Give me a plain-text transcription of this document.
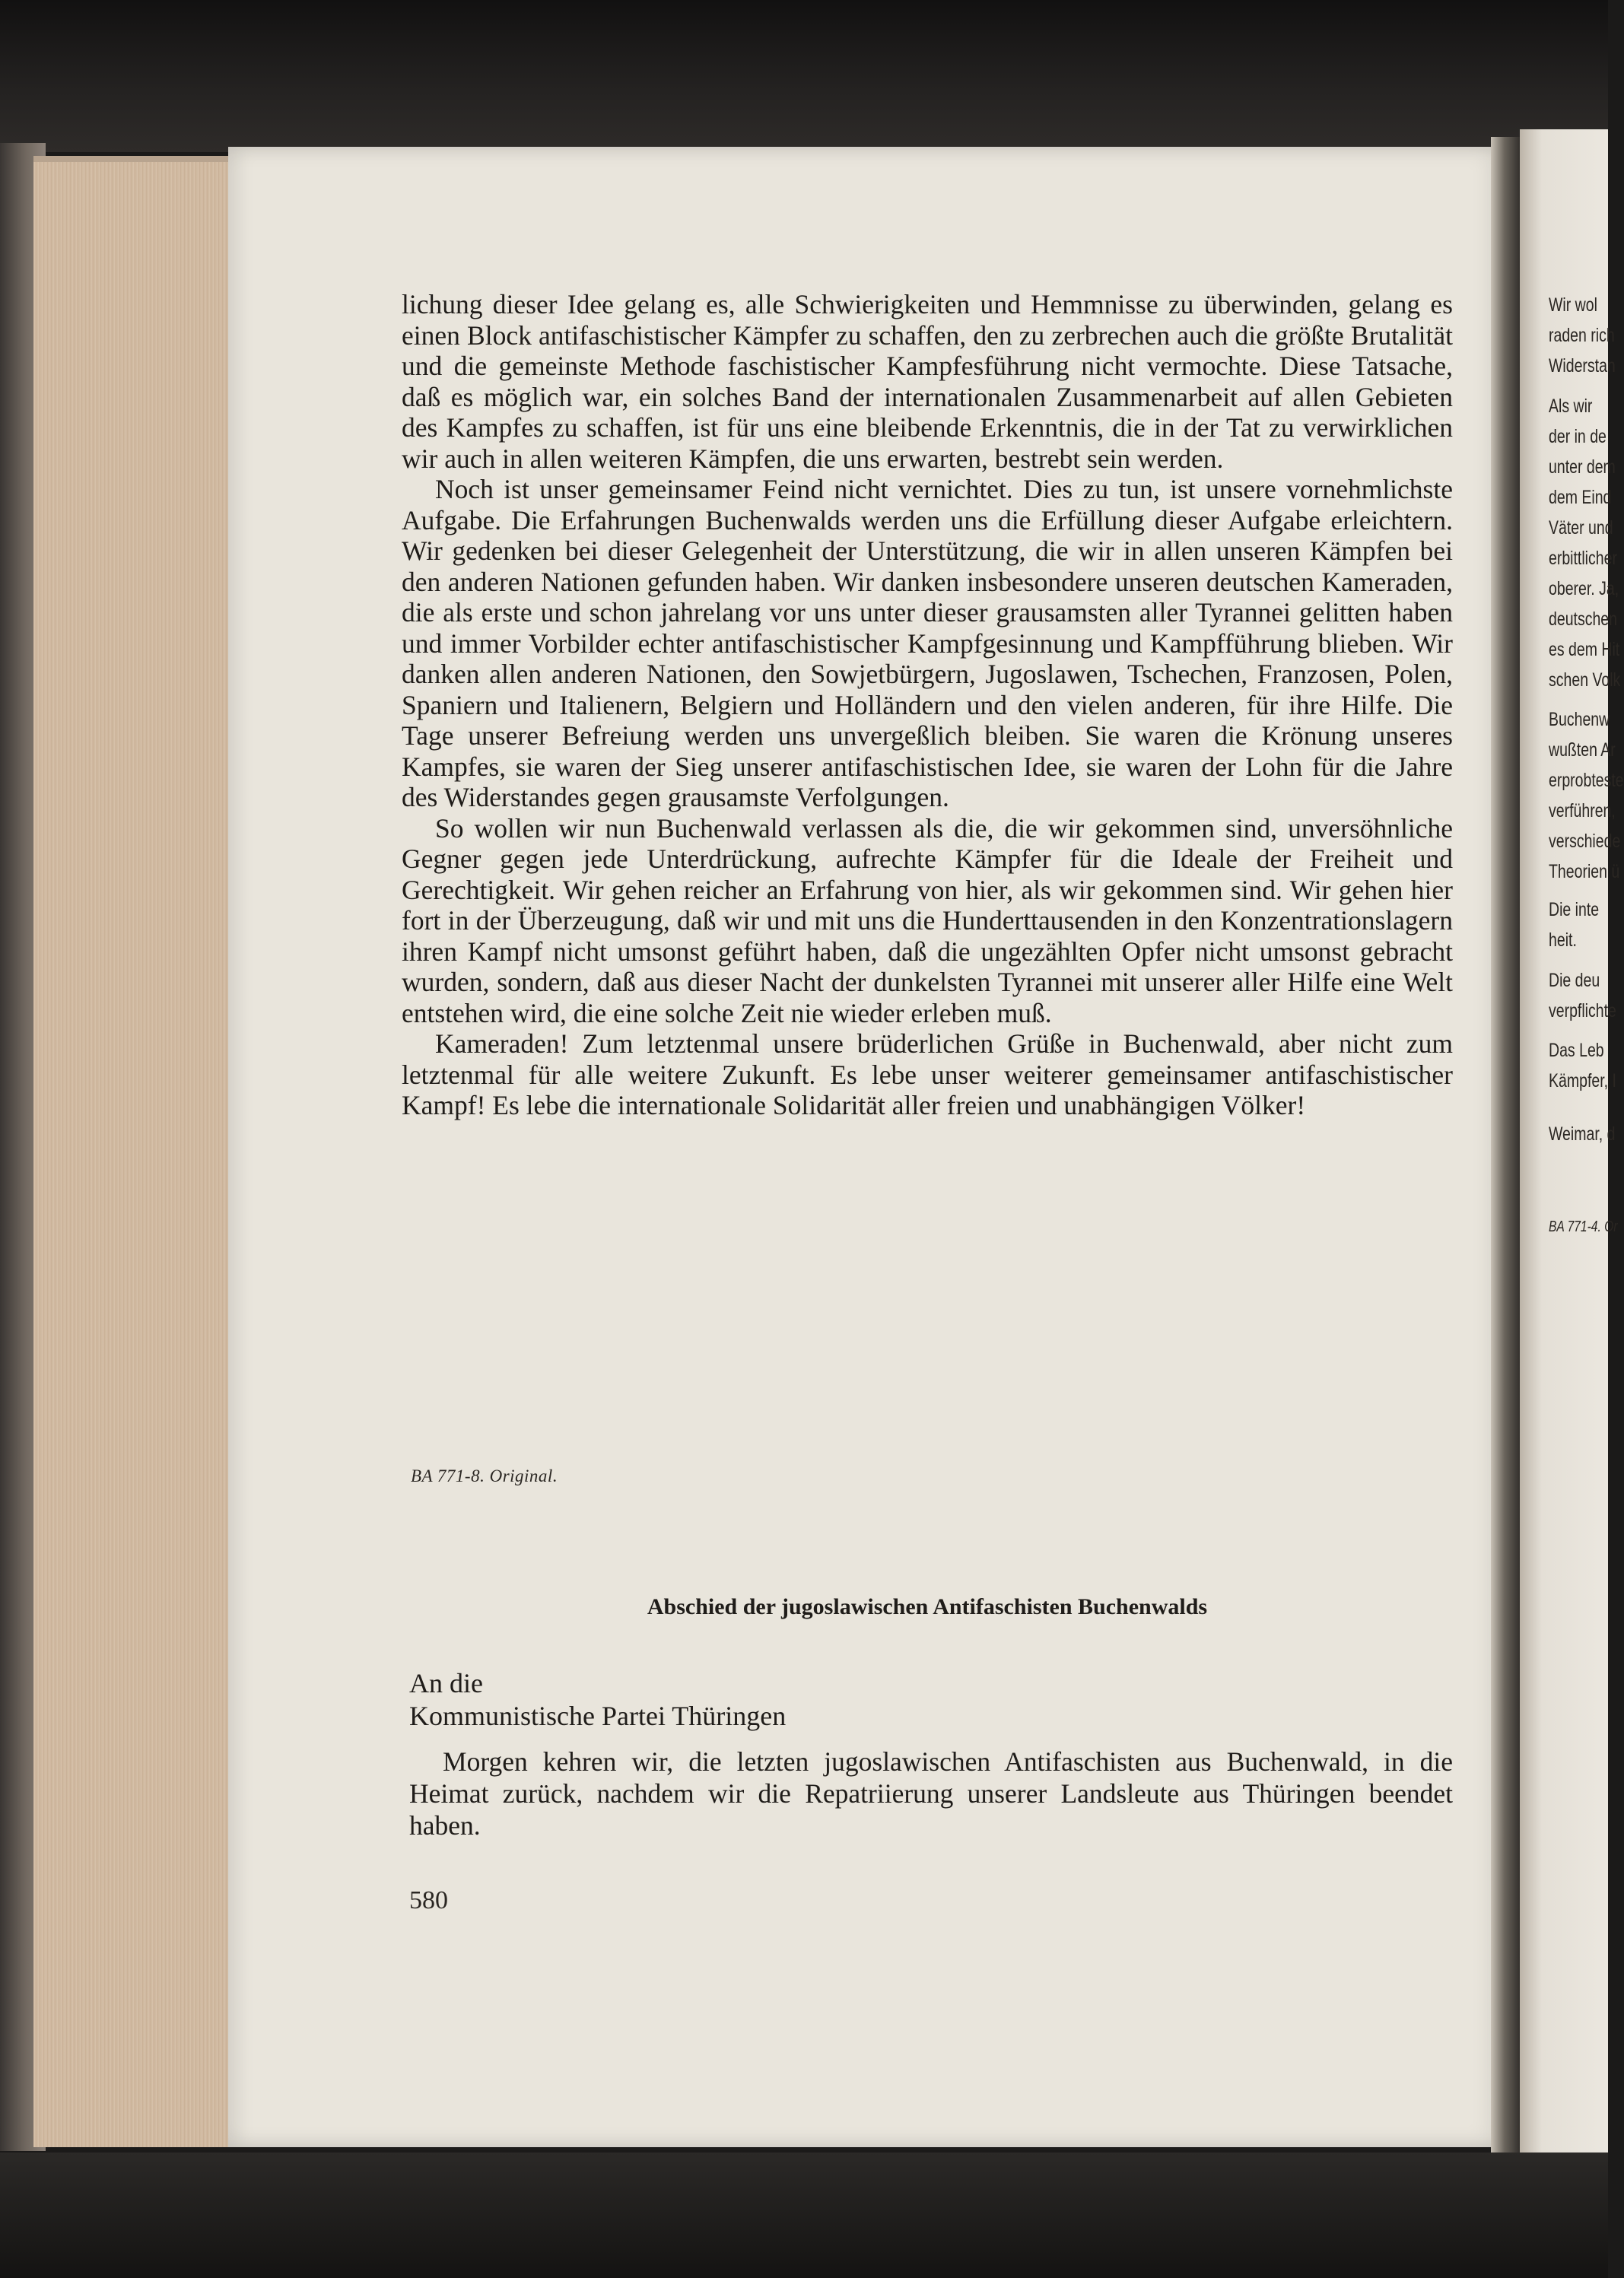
lichung dieser Idee gelang es, alle Schwierigkeiten und Hemmnisse zu überwinden, gelang es einen Block antifaschistischer Kämpfer zu schaffen, den zu zerbrechen auch die größte Brutalität und die gemeinste Methode faschistischer Kampfesführung nicht vermochte. Diese Tatsache, daß es möglich war, ein solches Band der internationalen Zusammenarbeit auf allen Gebieten des Kampfes zu schaffen, ist für uns eine bleibende Erkenntnis, die in der Tat zu verwirklichen wir auch in allen weiteren Kämpfen, die uns erwarten, bestrebt sein werden.

Noch ist unser gemeinsamer Feind nicht vernichtet. Dies zu tun, ist unsere vornehmlichste Aufgabe. Die Erfahrungen Buchenwalds werden uns die Erfüllung dieser Aufgabe erleichtern. Wir gedenken bei dieser Gelegenheit der Unterstützung, die wir in allen unseren Kämpfen bei den anderen Nationen gefunden haben. Wir danken insbesondere unseren deutschen Kameraden, die als erste und schon jahrelang vor uns unter dieser grausamsten aller Tyrannei gelitten haben und immer Vorbilder echter antifaschistischer Kampfgesinnung und Kampfführung blieben. Wir danken allen anderen Nationen, den Sowjetbürgern, Jugoslawen, Tschechen, Franzosen, Polen, Spaniern und Italienern, Belgiern und Holländern und den vielen anderen, für ihre Hilfe. Die Tage unserer Befreiung werden uns unvergeßlich bleiben. Sie waren die Krönung unseres Kampfes, sie waren der Sieg unserer antifaschistischen Idee, sie waren der Lohn für die Jahre des Widerstandes gegen grausamste Verfolgungen.

So wollen wir nun Buchenwald verlassen als die, die wir gekommen sind, unversöhnliche Gegner gegen jede Unterdrückung, aufrechte Kämpfer für die Ideale der Freiheit und Gerechtigkeit. Wir gehen reicher an Erfahrung von hier, als wir gekommen sind. Wir gehen hier fort in der Überzeugung, daß wir und mit uns die Hunderttausenden in den Konzentrationslagern ihren Kampf nicht umsonst geführt haben, daß die ungezählten Opfer nicht umsonst gebracht wurden, sondern, daß aus dieser Nacht der dunkelsten Tyrannei mit unserer aller Hilfe eine Welt entstehen wird, die eine solche Zeit nie wieder erleben muß.

Kameraden! Zum letztenmal unsere brüderlichen Grüße in Buchenwald, aber nicht zum letztenmal für alle weitere Zukunft. Es lebe unser weiterer gemeinsamer antifaschistischer Kampf! Es lebe die internationale Solidarität aller freien und unabhängigen Völker!

BA 771-8. Original.
Abschied der jugoslawischen Antifaschisten Buchenwalds
An die
Kommunistische Partei Thüringen

Morgen kehren wir, die letzten jugoslawischen Antifaschisten aus Buchenwald, in die Heimat zurück, nachdem wir die Repatriierung unserer Landsleute aus Thüringen beendet haben.

580
Wir wol
raden rich
Widerstan
Als wir
der in de
unter dem
dem Eind
Väter und
erbittlicher
oberer. Ja,
deutschen
es dem Hit
schen Volk
Buchenw
wußten Ar
erprobteste
verführen,
verschiede
Theorien ü
Die inte
heit.
Die deu
verpflichte
Das Leb
Kämpfer, I
Weimar, d
BA 771-4. Or
